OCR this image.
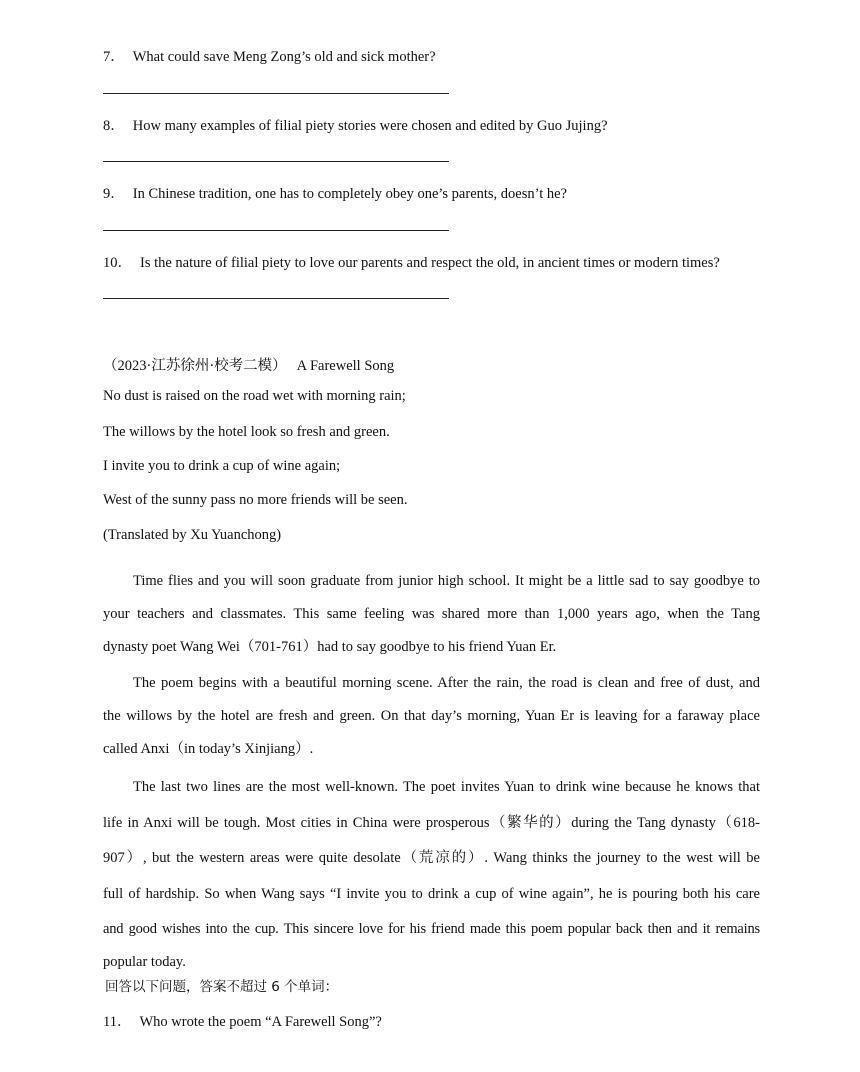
7． What could save Meng Zong’s old and sick mother?
8． How many examples of filial piety stories were chosen and edited by Guo Jujing?
9． In Chinese tradition, one has to completely obey one’s parents, doesn’t he?
10． Is the nature of filial piety to love our parents and respect the old, in ancient times or modern times?
（2023·江苏徐州·校考二模） A Farewell Song
No dust is raised on the road wet with morning rain;
The willows by the hotel look so fresh and green.
I invite you to drink a cup of wine again;
West of the sunny pass no more friends will be seen.
(Translated by Xu Yuanchong)
Time flies and you will soon graduate from junior high school. It might be a little sad to say goodbye to
your teachers and classmates. This same feeling was shared more than 1,000 years ago, when the Tang
dynasty poet Wang Wei（701-761）had to say goodbye to his friend Yuan Er.
The poem begins with a beautiful morning scene. After the rain, the road is clean and free of dust, and
the willows by the hotel are fresh and green. On that day’s morning, Yuan Er is leaving for a faraway place
called Anxi（in today’s Xinjiang）.
The last two lines are the most well-known. The poet invites Yuan to drink wine because he knows that
life in Anxi will be tough. Most cities in China were prosperous（繁华的）during the Tang dynasty（618-
907）, but the western areas were quite desolate（荒凉的）. Wang thinks the journey to the west will be
full of hardship. So when Wang says “I invite you to drink a cup of wine again”, he is pouring both his care
and good wishes into the cup. This sincere love for his friend made this poem popular back then and it remains
popular today.
回答以下问题，答案不超过 6 个单词：
11． Who wrote the poem “A Farewell Song”?
